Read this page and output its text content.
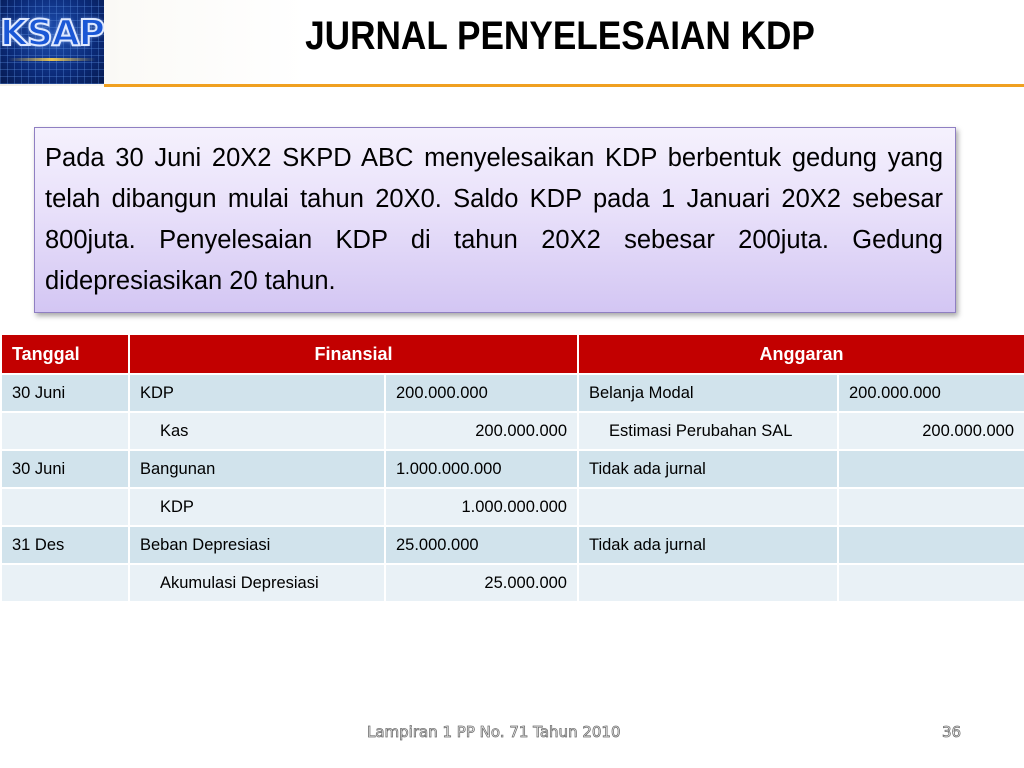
KSAP	JURNAL PENYELESAIAN KDP

Pada 30 Juni 20X2 SKPD ABC menyelesaikan KDP berbentuk gedung yang telah dibangun mulai tahun 20X0. Saldo KDP pada 1 Januari 20X2 sebesar 800juta. Penyelesaian KDP di tahun 20X2 sebesar 200juta. Gedung didepresiasikan 20 tahun.

Tanggal	Finansial		Anggaran	
30 Juni	KDP	200.000.000	Belanja Modal	200.000.000
	Kas	200.000.000	Estimasi Perubahan SAL	200.000.000
30 Juni	Bangunan	1.000.000.000	Tidak ada jurnal	
	KDP	1.000.000.000		
31 Des	Beban Depresiasi	25.000.000	Tidak ada jurnal	
	Akumulasi Depresiasi	25.000.000		
Lampiran 1 PP No. 71 Tahun 2010	36
